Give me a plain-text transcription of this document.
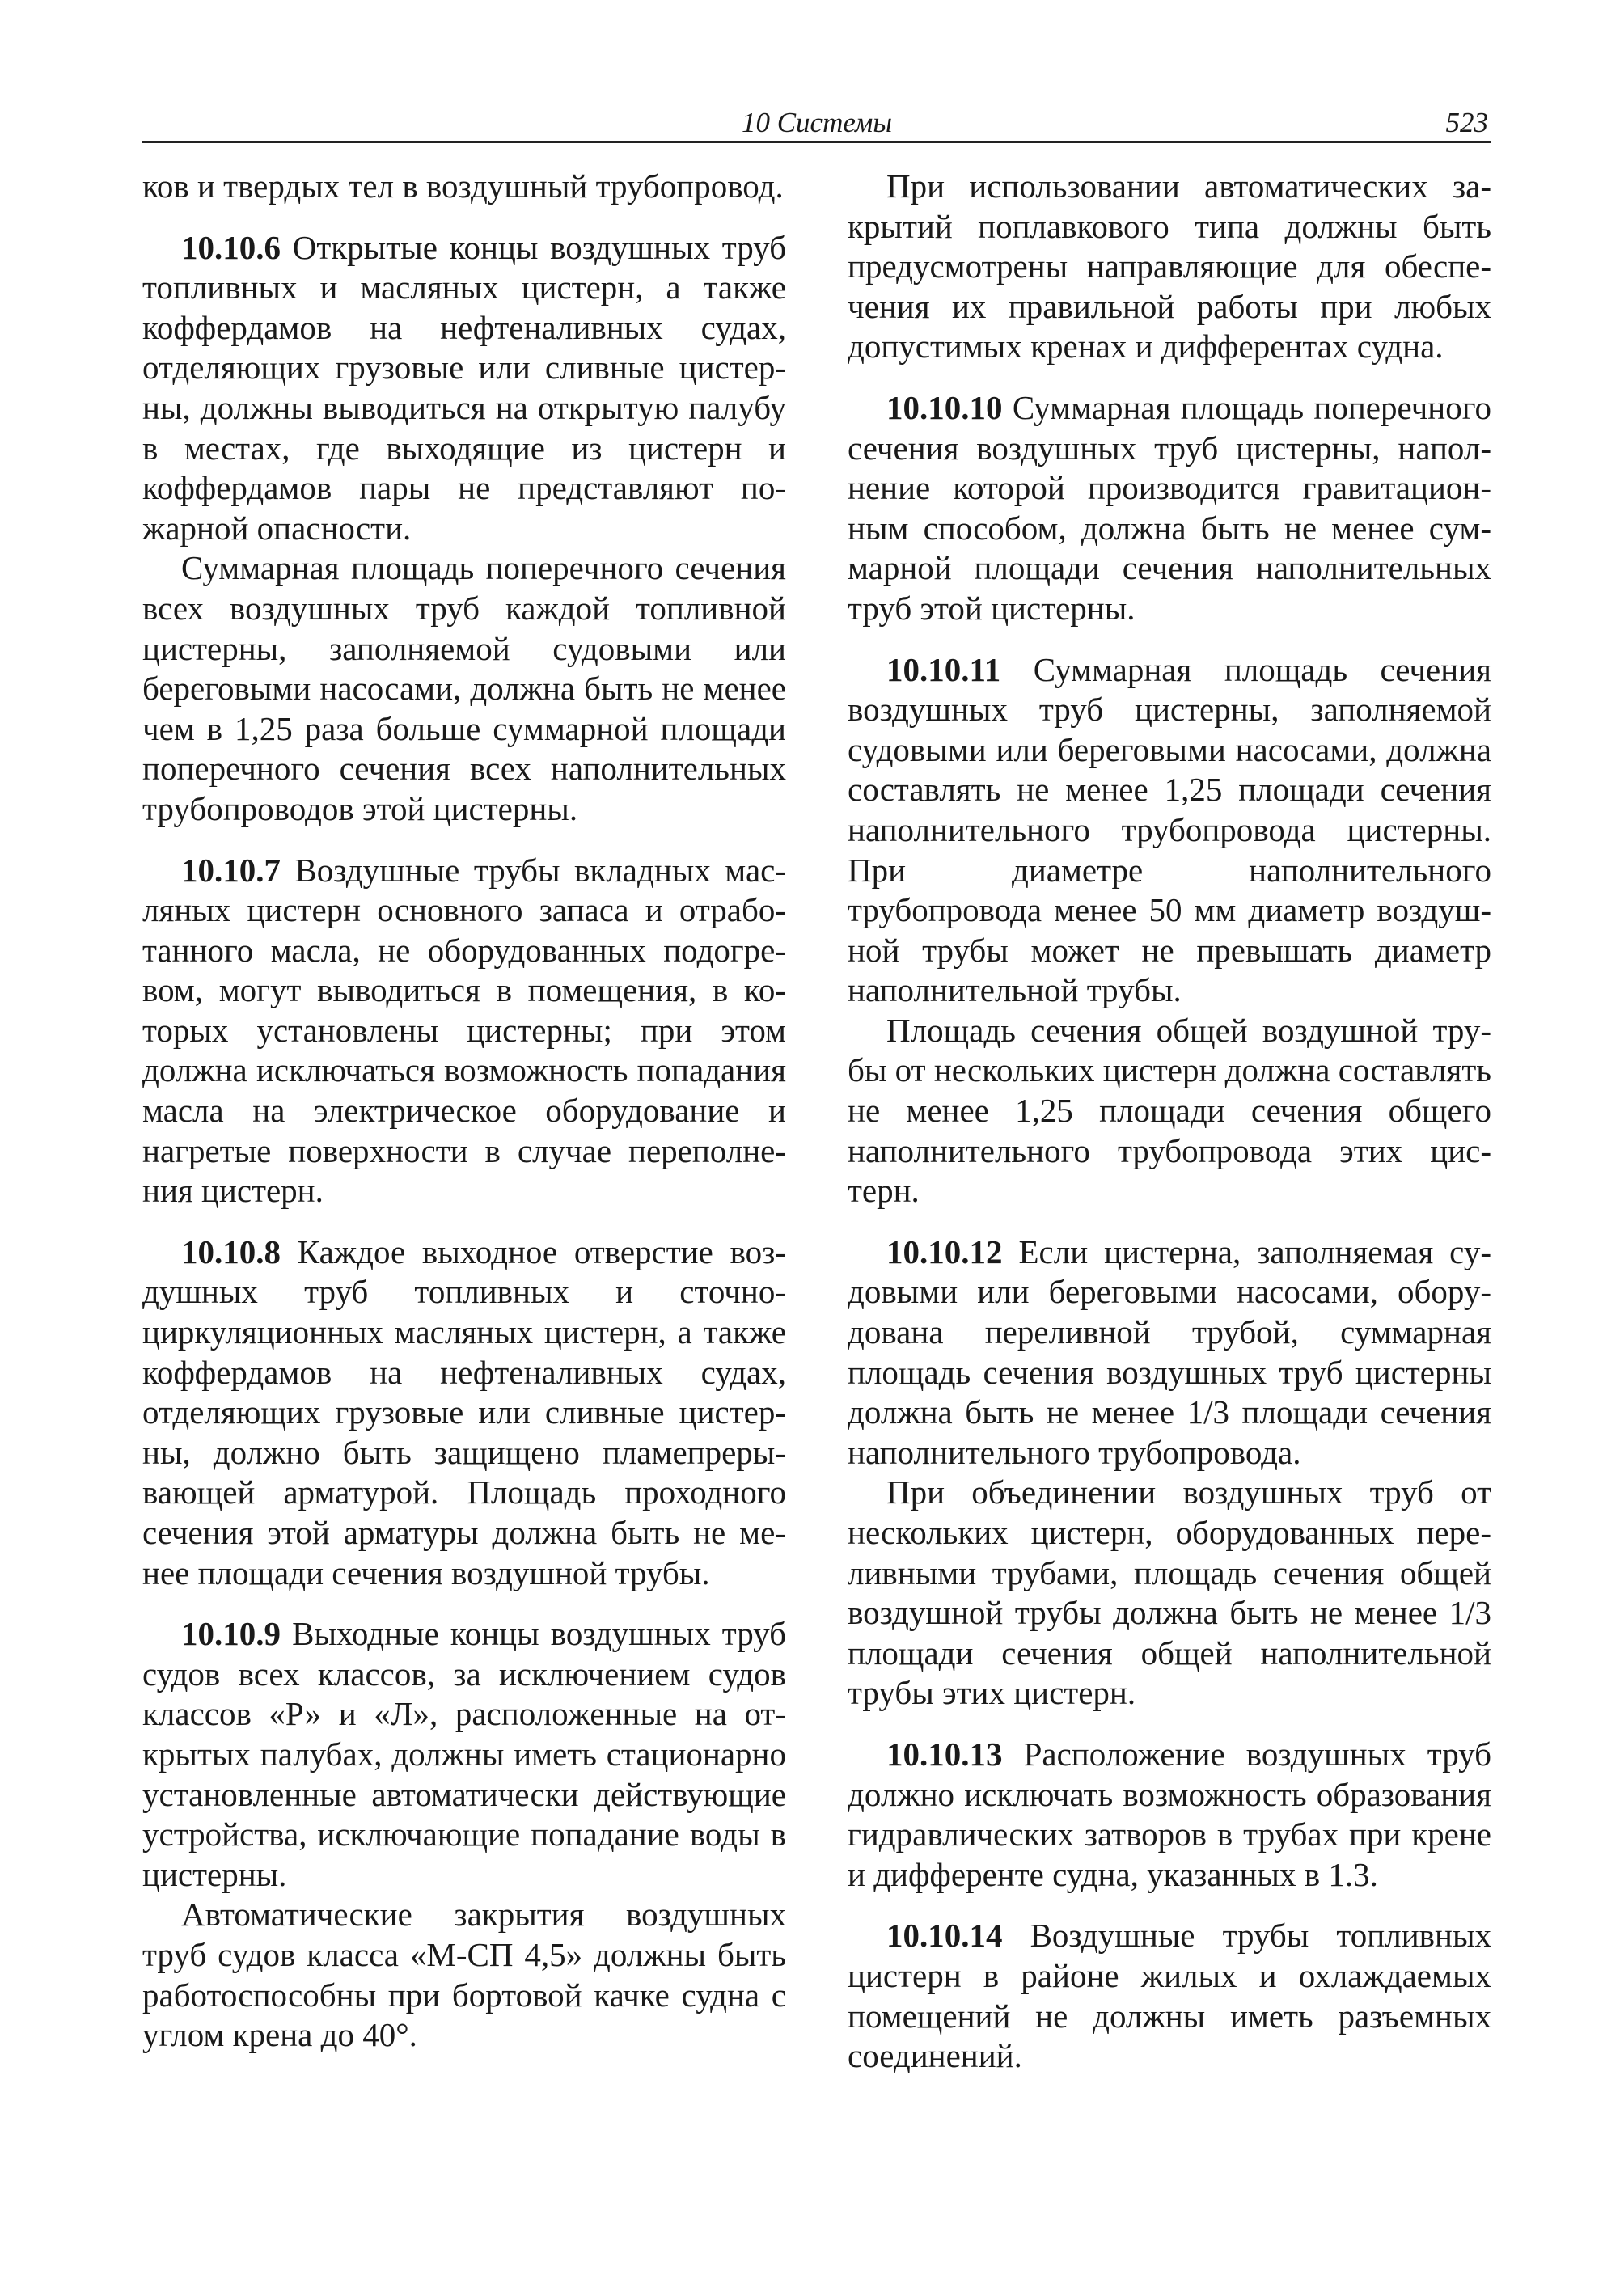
10 Системы	523

ков и твердых тел в воздушный трубопровод.

10.10.6 Открытые концы воздушных труб топливных и масляных цистерн, а также коффердамов на нефтеналивных судах, отделяющих грузовые или сливные цистерны, должны выводиться на открытую палубу в местах, где выходящие из цистерн и коффердамов пары не представляют пожарной опасности.

Суммарная площадь поперечного сечения всех воздушных труб каждой топливной цистерны, заполняемой судовыми или береговыми насосами, должна быть не менее чем в 1,25 раза больше суммарной площади поперечного сечения всех наполнительных трубопроводов этой цистерны.

10.10.7 Воздушные трубы вкладных масляных цистерн основного запаса и отработанного масла, не оборудованных подогревом, могут выводиться в помещения, в которых установлены цистерны; при этом должна исключаться возможность попадания масла на электрическое оборудование и нагретые поверхности в случае переполнения цистерн.

10.10.8 Каждое выходное отверстие воздушных труб топливных и сточно-циркуляционных масляных цистерн, а также коффердамов на нефтеналивных судах, отделяющих грузовые или сливные цистерны, должно быть защищено пламепрерывающей арматурой. Площадь проходного сечения этой арматуры должна быть не менее площади сечения воздушной трубы.

10.10.9 Выходные концы воздушных труб судов всех классов, за исключением судов классов «Р» и «Л», расположенные на открытых палубах, должны иметь стационарно установленные автоматически действующие устройства, исключающие попадание воды в цистерны.

Автоматические закрытия воздушных труб судов класса «М-СП 4,5» должны быть работоспособны при бортовой качке судна с углом крена до 40°.

При использовании автоматических закрытий поплавкового типа должны быть предусмотрены направляющие для обеспечения их правильной работы при любых допустимых кренах и дифферентах судна.

10.10.10 Суммарная площадь поперечного сечения воздушных труб цистерны, наполнение которой производится гравитационным способом, должна быть не менее суммарной площади сечения наполнительных труб этой цистерны.

10.10.11 Суммарная площадь сечения воздушных труб цистерны, заполняемой судовыми или береговыми насосами, должна составлять не менее 1,25 площади сечения наполнительного трубопровода цистерны. При диаметре наполнительного трубопровода менее 50 мм диаметр воздушной трубы может не превышать диаметр наполнительной трубы.

Площадь сечения общей воздушной трубы от нескольких цистерн должна составлять не менее 1,25 площади сечения общего наполнительного трубопровода этих цистерн.

10.10.12 Если цистерна, заполняемая судовыми или береговыми насосами, оборудована переливной трубой, суммарная площадь сечения воздушных труб цистерны должна быть не менее 1/3 площади сечения наполнительного трубопровода.

При объединении воздушных труб от нескольких цистерн, оборудованных переливными трубами, площадь сечения общей воздушной трубы должна быть не менее 1/3 площади сечения общей наполнительной трубы этих цистерн.

10.10.13 Расположение воздушных труб должно исключать возможность образования гидравлических затворов в трубах при крене и дифференте судна, указанных в 1.3.

10.10.14 Воздушные трубы топливных цистерн в районе жилых и охлаждаемых помещений не должны иметь разъемных соединений.
